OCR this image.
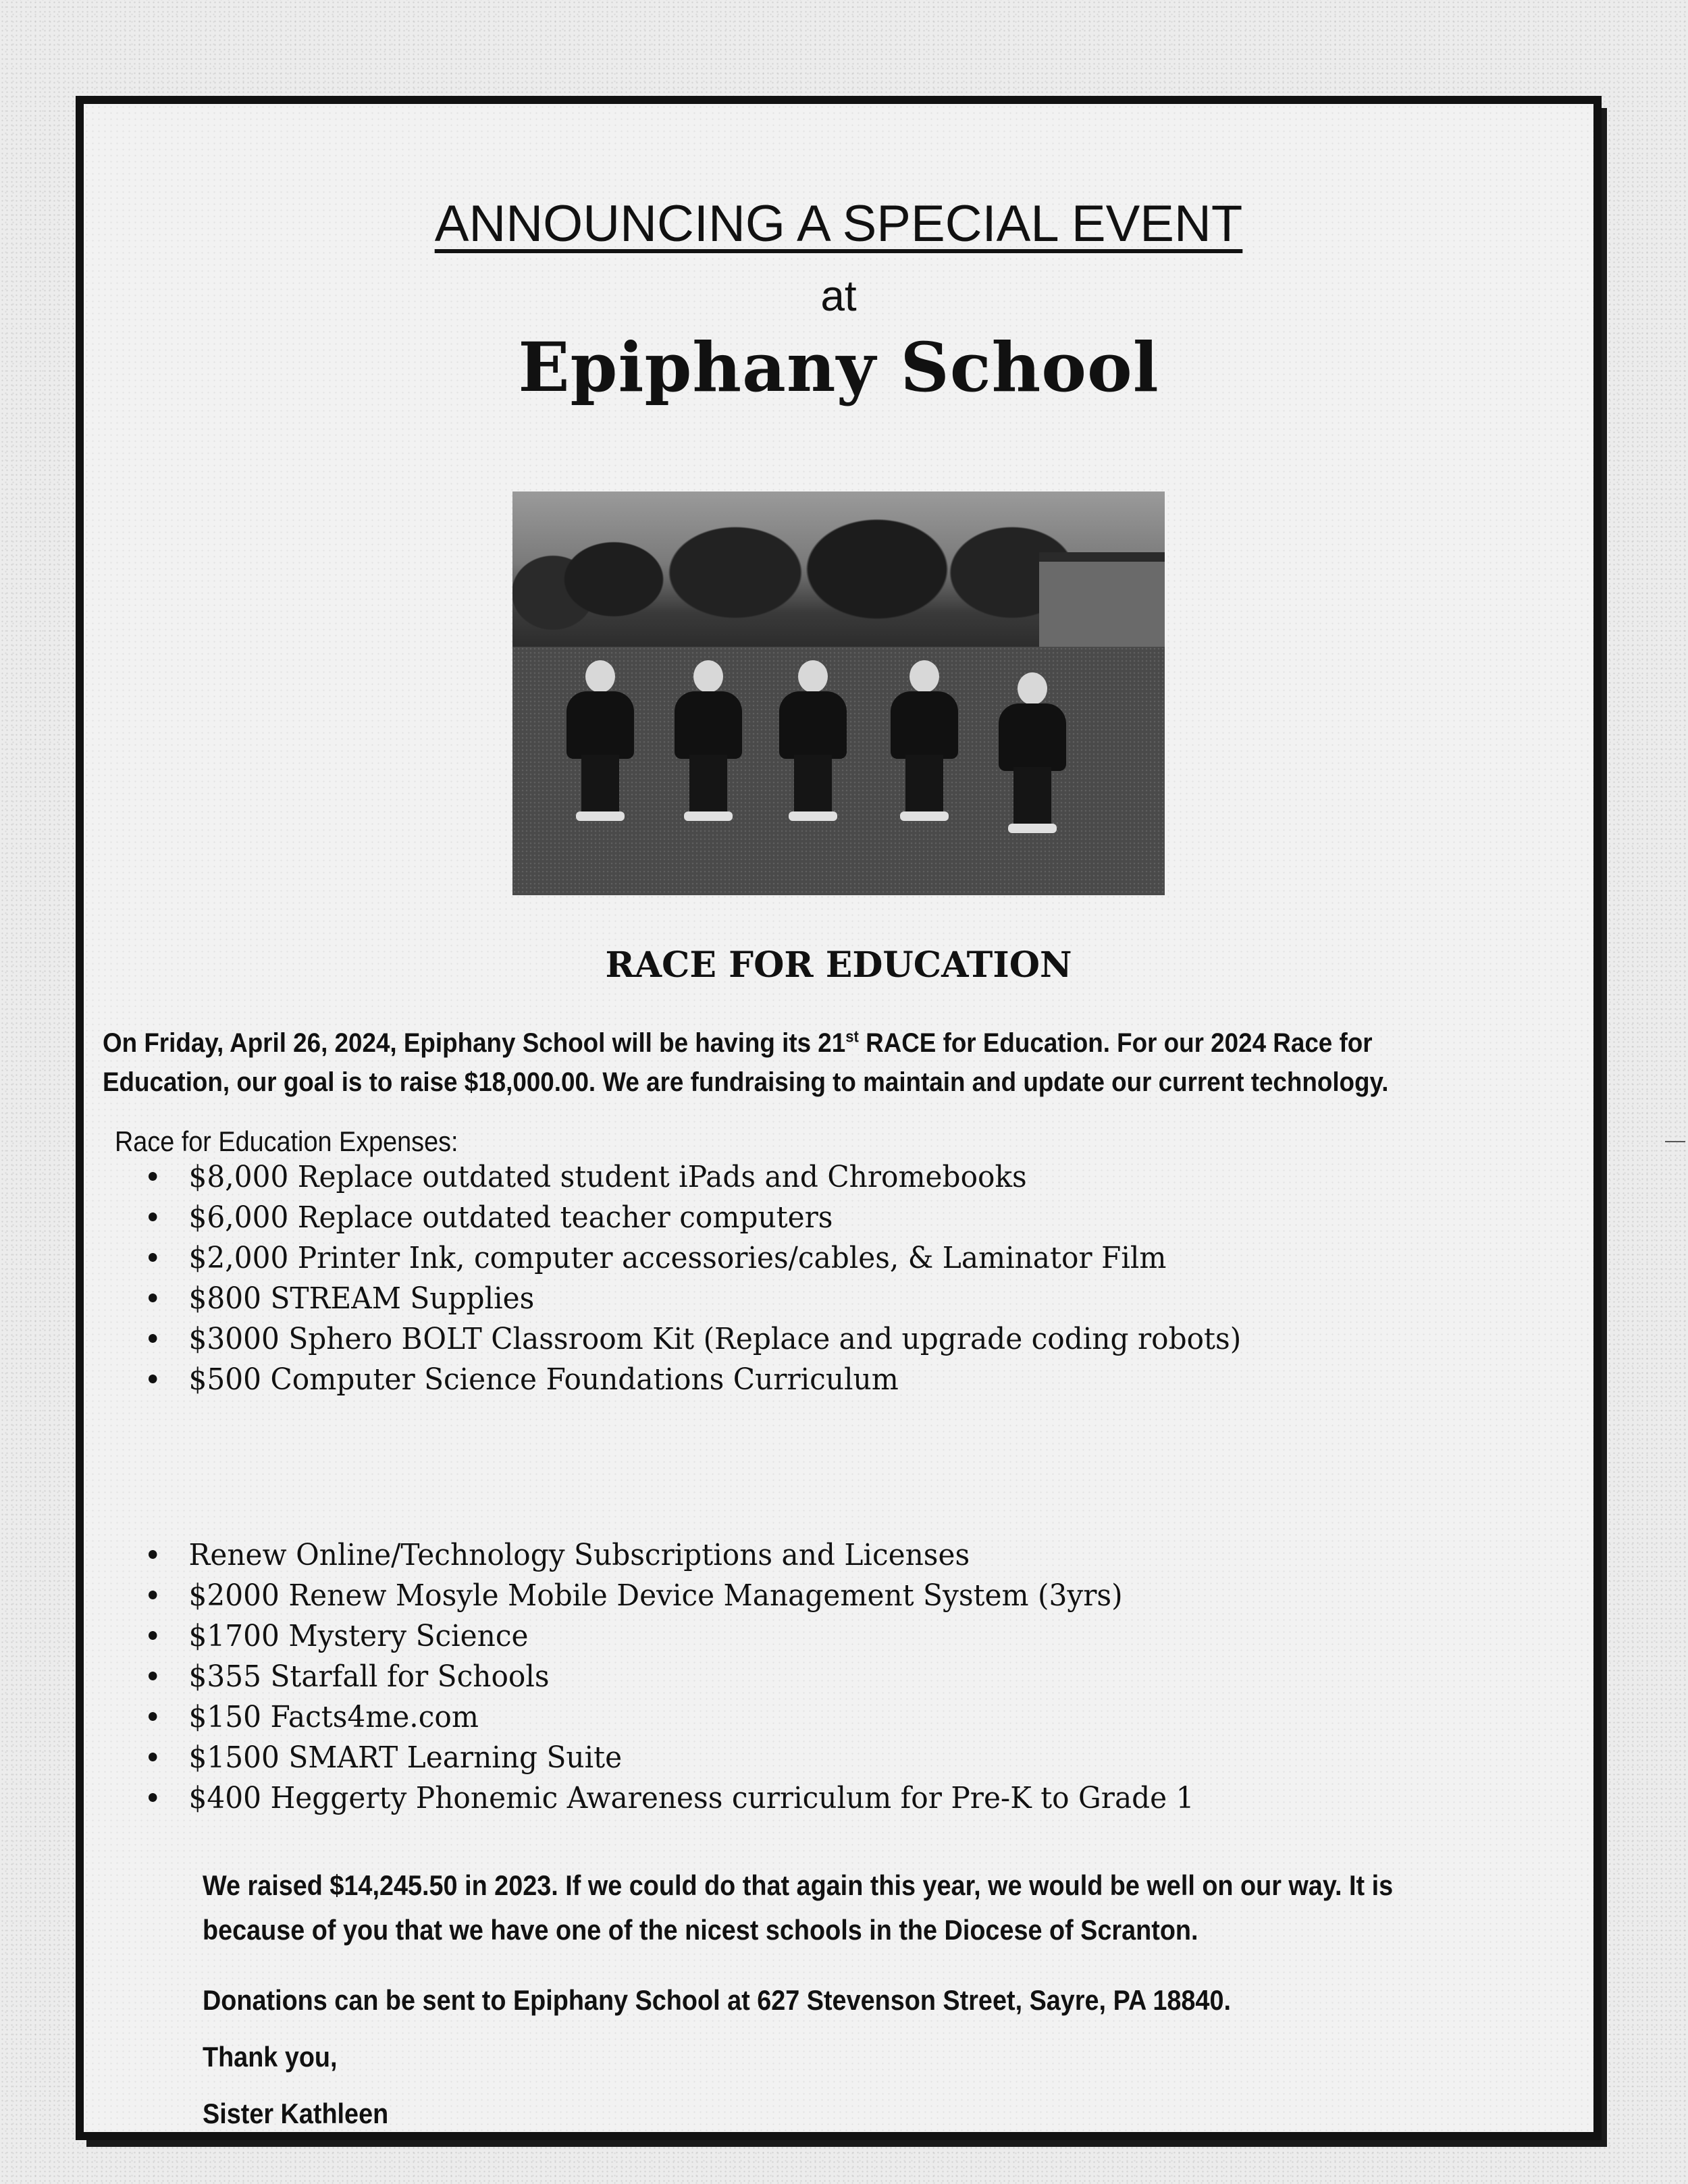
ANNOUNCING A SPECIAL EVENT
at
Epiphany School
RACE FOR EDUCATION
On Friday, April 26, 2024, Epiphany School will be having its 21st RACE for Education. For our 2024 Race for Education, our goal is to raise $18,000.00. We are fundraising to maintain and update our current technology.
Race for Education Expenses:
$8,000 Replace outdated student iPads and Chromebooks
$6,000 Replace outdated teacher computers
$2,000 Printer Ink, computer accessories/cables, & Laminator Film
$800 STREAM Supplies
$3000 Sphero BOLT Classroom Kit (Replace and upgrade coding robots)
$500 Computer Science Foundations Curriculum
Renew Online/Technology Subscriptions and Licenses
$2000 Renew Mosyle Mobile Device Management System (3yrs)
$1700 Mystery Science
$355 Starfall for Schools
$150 Facts4me.com
$1500 SMART Learning Suite
$400 Heggerty Phonemic Awareness curriculum for Pre-K to Grade 1
We raised $14,245.50 in 2023. If we could do that again this year, we would be well on our way. It is because of you that we have one of the nicest schools in the Diocese of Scranton.
Donations can be sent to Epiphany School at 627 Stevenson Street, Sayre, PA 18840.
Thank you,
Sister Kathleen
